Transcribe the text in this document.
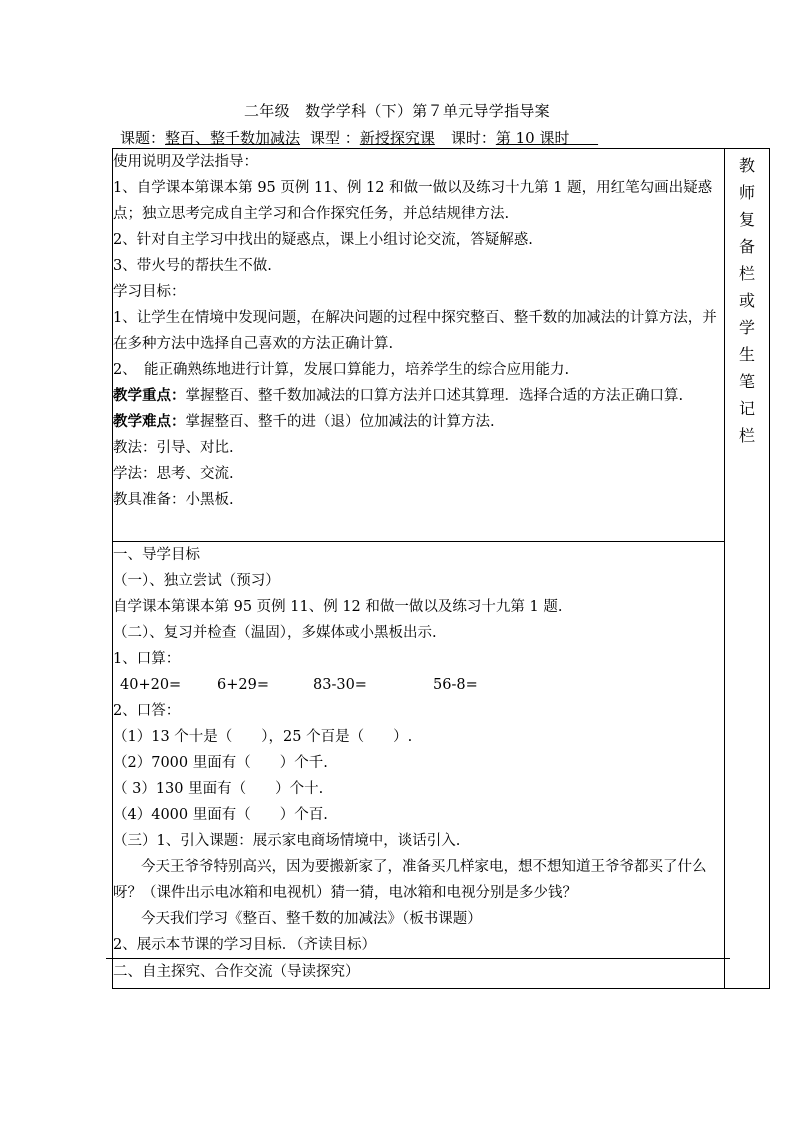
二年级　数学学科（下）第７单元导学指导案
课题：整百、整千数加减法 课型 ：新授探究课 课时：第 10 课时
使用说明及学法指导：
1、自学课本第课本第 95 页例 11、例 12 和做一做以及练习十九第 1 题，用红笔勾画出疑惑点；独立思考完成自主学习和合作探究任务，并总结规律方法.
2、针对自主学习中找出的疑惑点，课上小组讨论交流，答疑解惑.
3、带火号的帮扶生不做.
学习目标：
1、让学生在情境中发现问题，在解决问题的过程中探究整百、整千数的加减法的计算方法，并在多种方法中选择自己喜欢的方法正确计算.
2、　能正确熟练地进行计算，发展口算能力，培养学生的综合应用能力.
教学重点：掌握整百、整千数加减法的口算方法并口述其算理．选择合适的方法正确口算.
教学难点：掌握整百、整千的进（退）位加减法的计算方法.
教法：引导、对比.
学法：思考、交流.
教具准备：小黑板.

教
师
复
备
栏
或
学
生
笔
记
栏

一、导学目标
（一）、独立尝试（预习）
自学课本第课本第 95 页例 11、例 12 和做一做以及练习十九第 1 题.
（二）、复习并检查（温固），多媒体或小黑板出示.
1、口算：
40+20= 6+29=	83-30=	56-8=
2、口答：
（1）13 个十是（　　），25 个百是（　　）.
（2）7000 里面有（　　）个千.
（ 3）130 里面有（　　）个十.
（4）4000 里面有（　　）个百.
（三）1、引入课题：展示家电商场情境中，谈话引入.
今天王爷爷特别高兴，因为要搬新家了，准备买几样家电，想不想知道王爷爷都买了什么呀？（课件出示电冰箱和电视机）猜一猜，电冰箱和电视分别是多少钱？
今天我们学习《整百、整千数的加减法》（板书课题）
2、展示本节课的学习目标．（齐读目标）
二、自主探究、合作交流（导读探究）
